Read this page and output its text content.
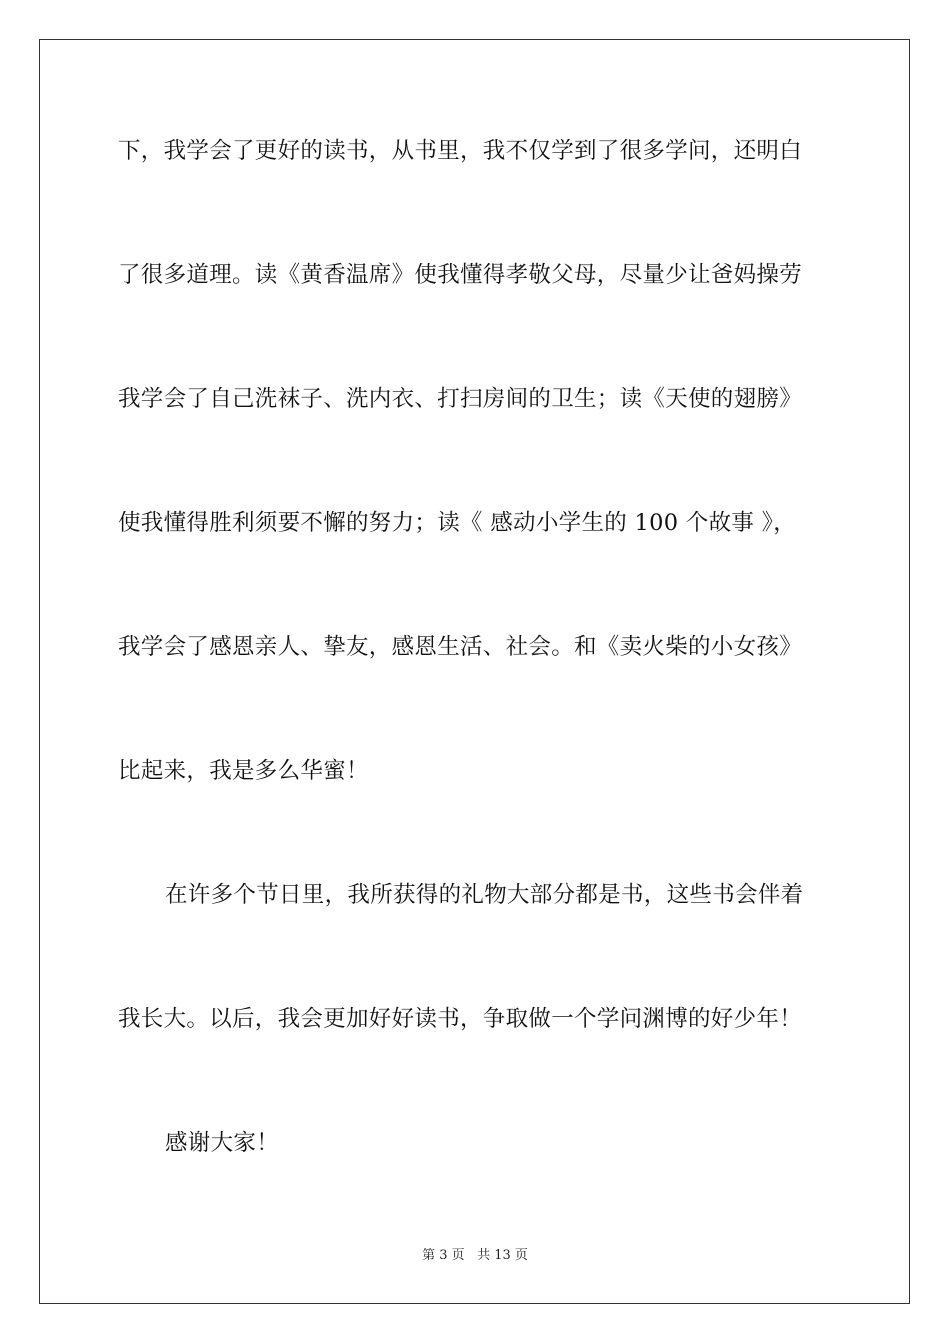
下，我学会了更好的读书，从书里，我不仅学到了很多学问，还明白
了很多道理。读《黄香温席》使我懂得孝敬父母，尽量少让爸妈操劳
我学会了自己洗袜子、洗内衣、打扫房间的卫生；读《天使的翅膀》
使我懂得胜利须要不懈的努力；读《 感动小学生的 100 个故事 》，
我学会了感恩亲人、挚友，感恩生活、社会。和《卖火柴的小女孩》
比起来，我是多么华蜜！
在许多个节日里，我所获得的礼物大部分都是书，这些书会伴着
我长大。以后，我会更加好好读书，争取做一个学问渊博的好少年！
感谢大家！
第 3 页 共 13 页
